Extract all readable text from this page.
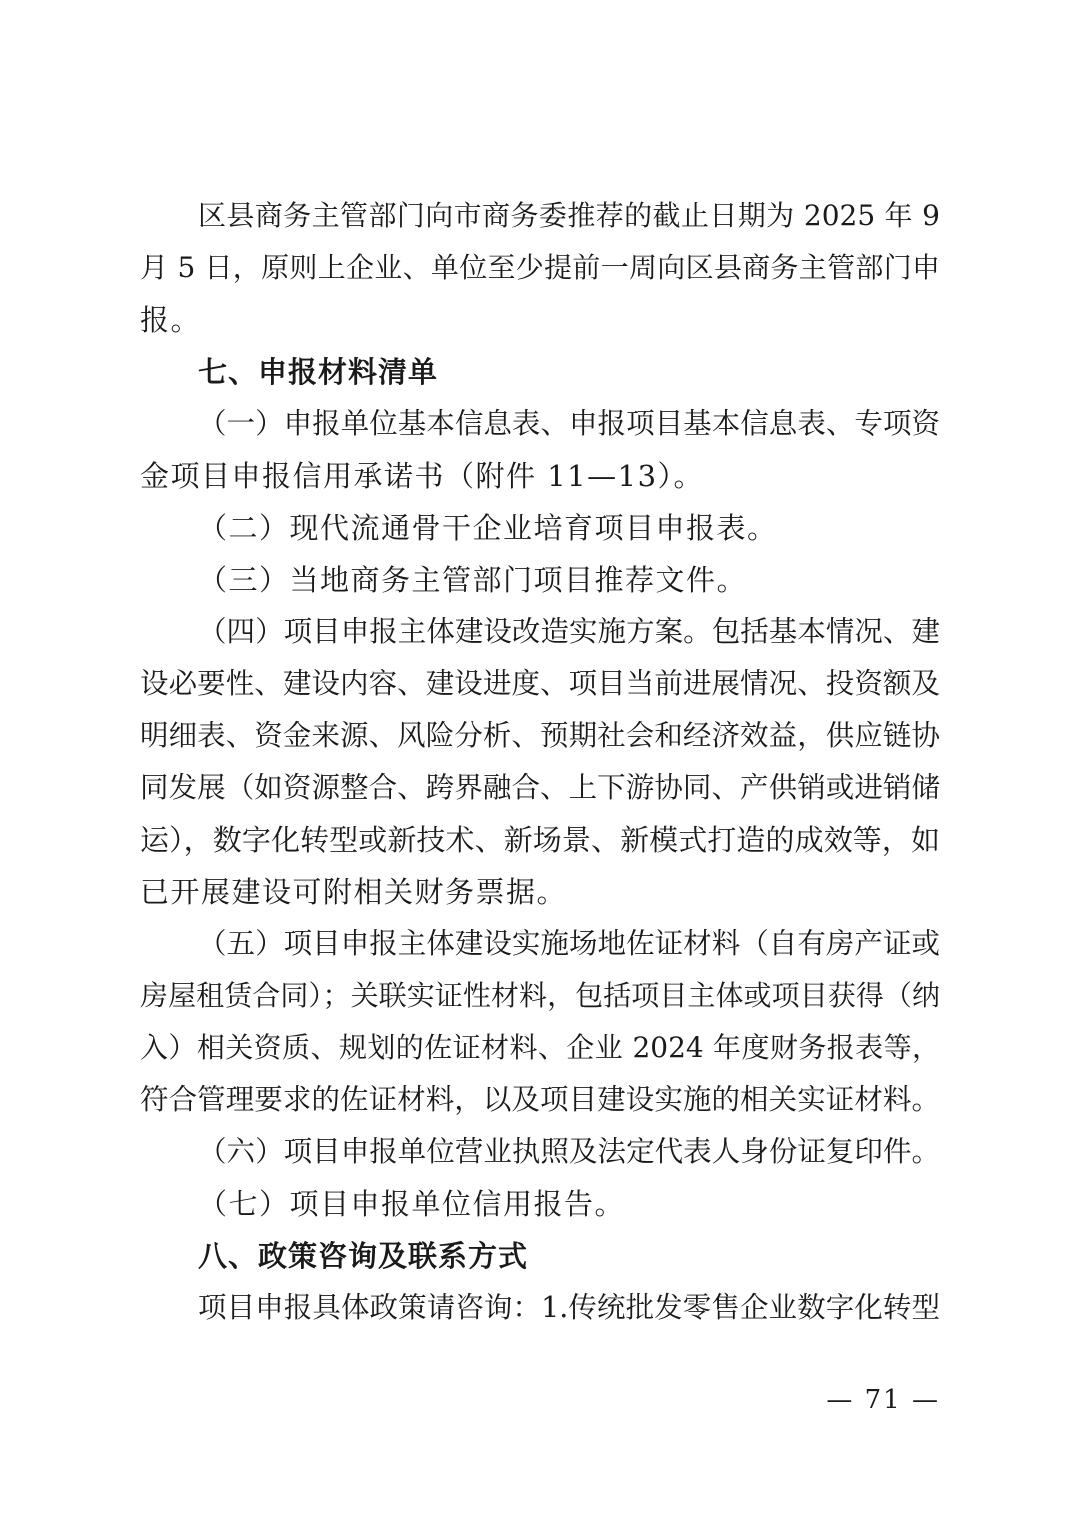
区县商务主管部门向市商务委推荐的截止日期为 2025 年 9
月 5 日，原则上企业、单位至少提前一周向区县商务主管部门申
报。
七、申报材料清单
（一）申报单位基本信息表、申报项目基本信息表、专项资
金项目申报信用承诺书（附件 11—13）。
（二）现代流通骨干企业培育项目申报表。
（三）当地商务主管部门项目推荐文件。
（四）项目申报主体建设改造实施方案。包括基本情况、建
设必要性、建设内容、建设进度、项目当前进展情况、投资额及
明细表、资金来源、风险分析、预期社会和经济效益，供应链协
同发展（如资源整合、跨界融合、上下游协同、产供销或进销储
运），数字化转型或新技术、新场景、新模式打造的成效等，如
已开展建设可附相关财务票据。
（五）项目申报主体建设实施场地佐证材料（自有房产证或
房屋租赁合同）；关联实证性材料，包括项目主体或项目获得（纳
入）相关资质、规划的佐证材料、企业 2024 年度财务报表等，
符合管理要求的佐证材料，以及项目建设实施的相关实证材料。
（六）项目申报单位营业执照及法定代表人身份证复印件。
（七）项目申报单位信用报告。
八、政策咨询及联系方式
项目申报具体政策请咨询：1.传统批发零售企业数字化转型
— 71 —
